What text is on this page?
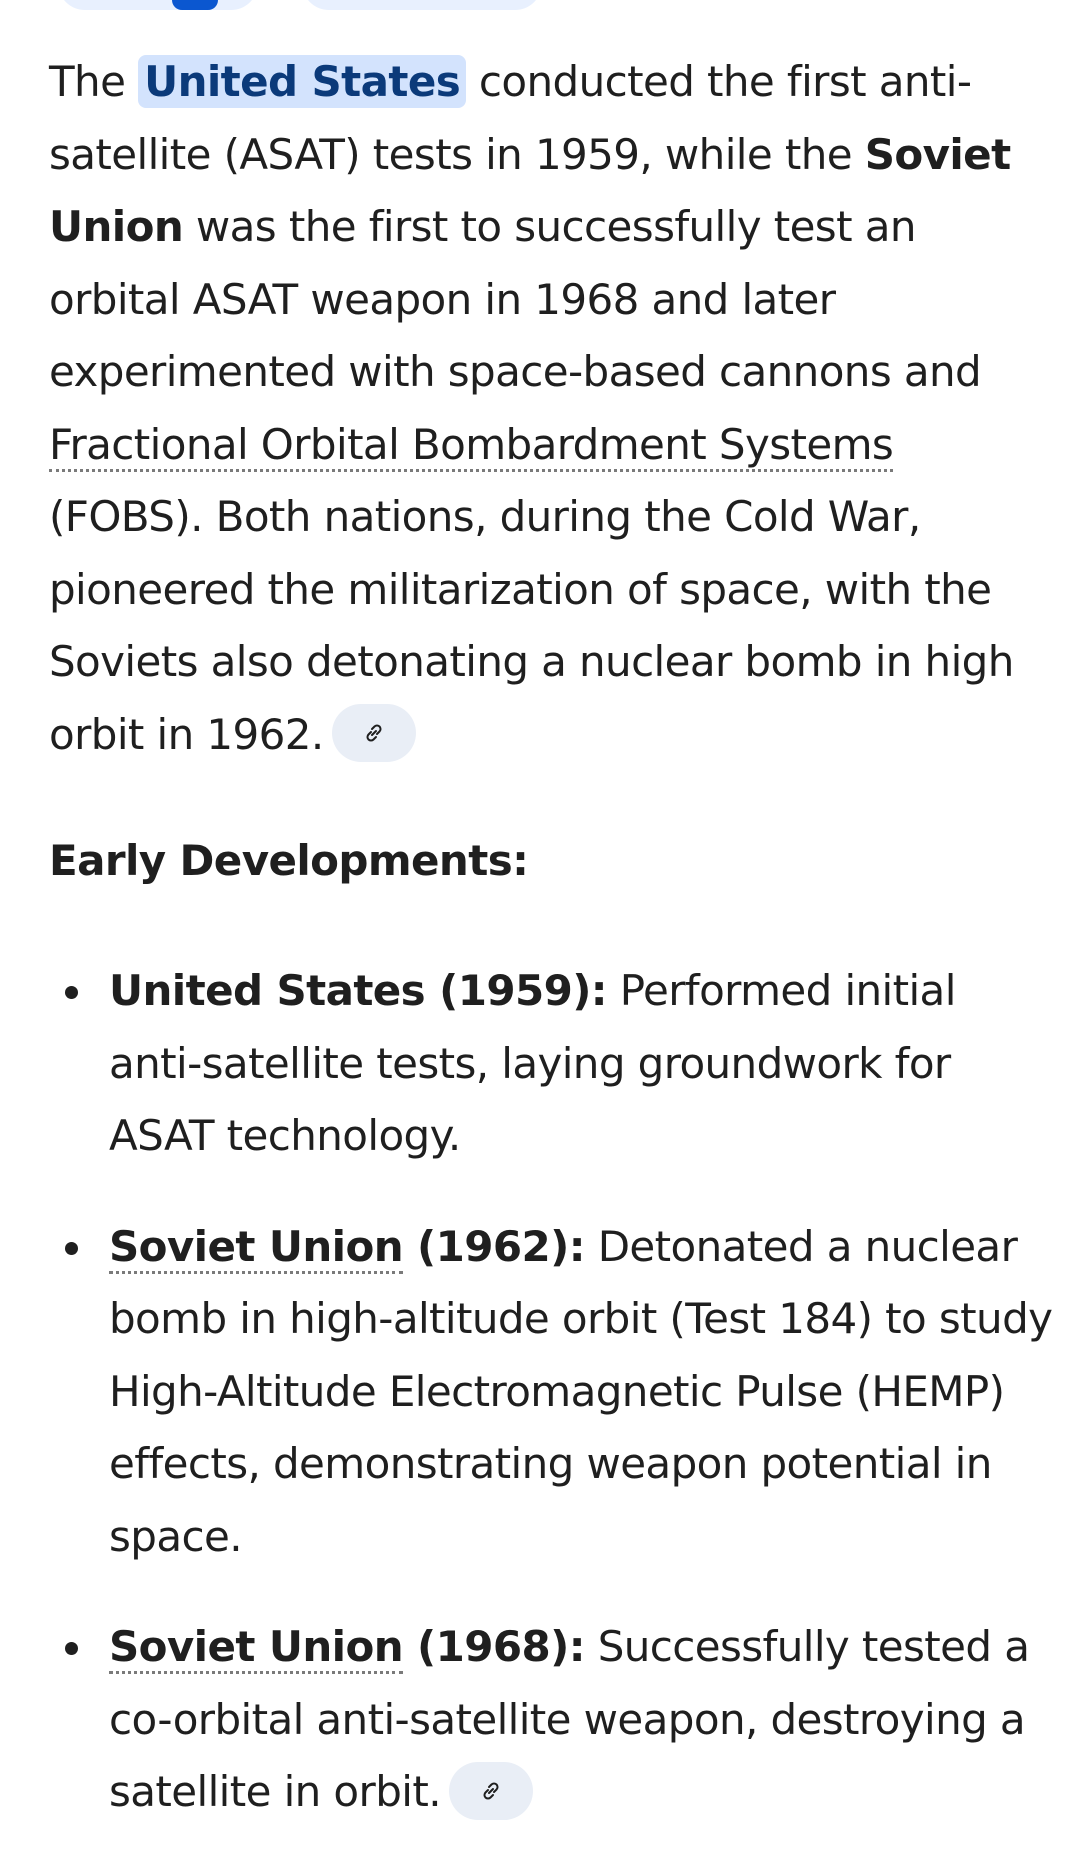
The United States conducted the first anti-satellite (ASAT) tests in 1959, while the Soviet Union was the first to successfully test an orbital ASAT weapon in 1968 and later experimented with space-based cannons and Fractional Orbital Bombardment Systems (FOBS). Both nations, during the Cold War, pioneered the militarization of space, with the Soviets also detonating a nuclear bomb in high orbit in 1962.

Early Developments:
United States (1959): Performed initial anti-satellite tests, laying groundwork for ASAT technology.
Soviet Union (1962): Detonated a nuclear bomb in high-altitude orbit (Test 184) to study High-Altitude Electromagnetic Pulse (HEMP) effects, demonstrating weapon potential in space.
Soviet Union (1968): Successfully tested a co-orbital anti-satellite weapon, destroying a satellite in orbit.
